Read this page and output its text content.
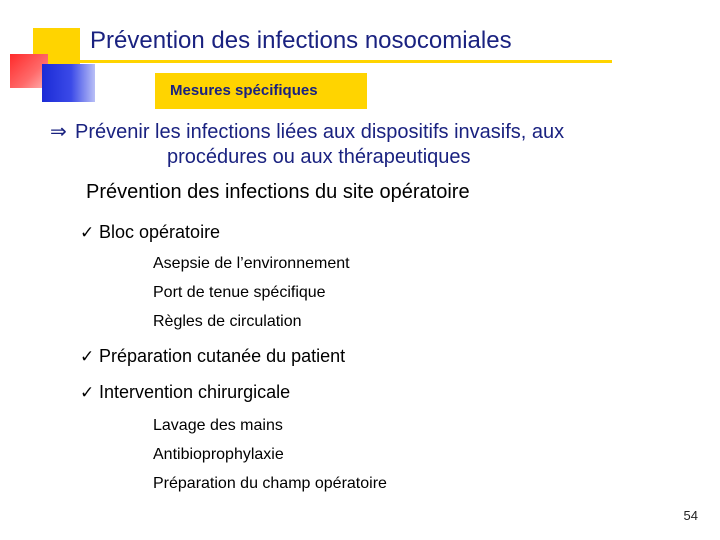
Prévention des infections nosocomiales
Mesures spécifiques
⇒ Prévenir les infections liées aux dispositifs invasifs, aux
procédures ou aux thérapeutiques
Prévention des infections du site opératoire
✓ Bloc opératoire
Asepsie de l’environnement
Port de tenue spécifique
Règles de circulation
✓ Préparation cutanée du patient
✓ Intervention chirurgicale
Lavage des mains
Antibioprophylaxie
Préparation du champ opératoire
54
